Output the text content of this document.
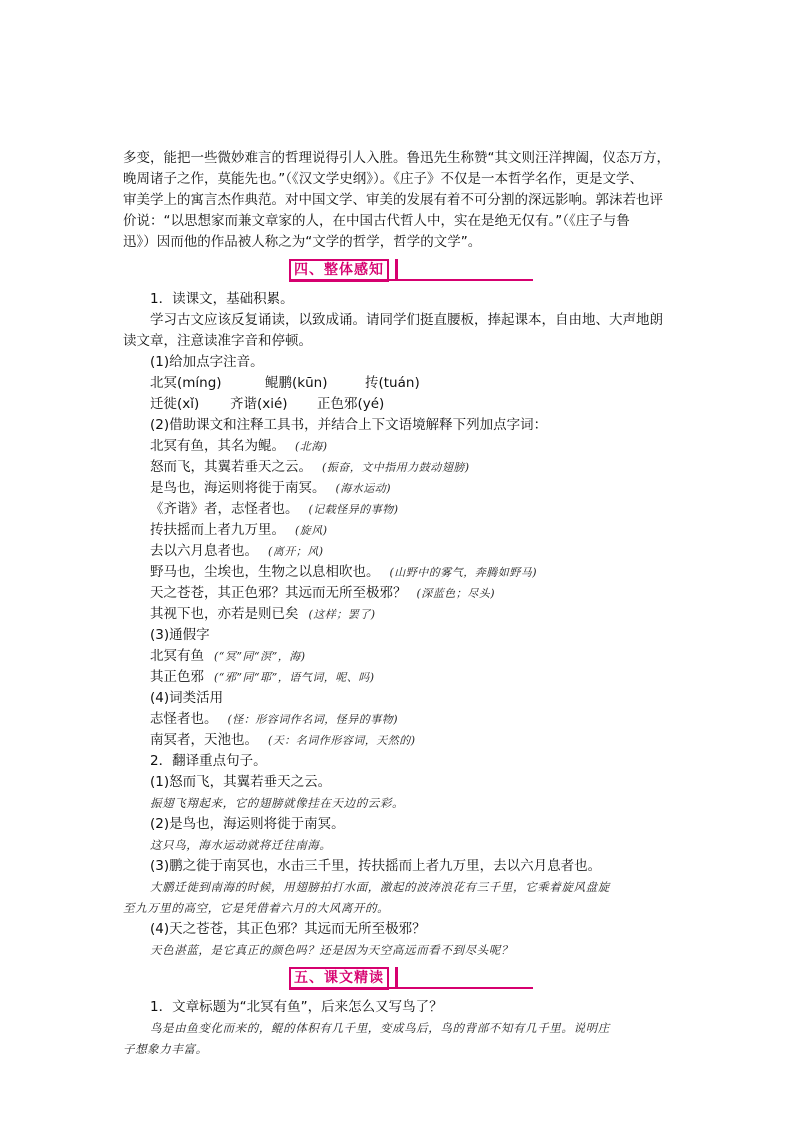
多变，能把一些微妙难言的哲理说得引人入胜。鲁迅先生称赞“其文则汪洋捭阖，仪态万方，

晚周诸子之作，莫能先也。”（《汉文学史纲》）。《庄子》不仅是一本哲学名作，更是文学、

审美学上的寓言杰作典范。对中国文学、审美的发展有着不可分割的深远影响。郭沫若也评

价说：“以思想家而兼文章家的人，在中国古代哲人中，实在是绝无仅有。”（《庄子与鲁

迅》）因而他的作品被人称之为“文学的哲学，哲学的文学”。

四、整体感知

1．读课文，基础积累。

学习古文应该反复诵读，以致成诵。请同学们挺直腰板，捧起课本，自由地、大声地朗

读文章，注意读准字音和停顿。

(1)给加点字注音。

北冥(míng)	鲲鹏(kūn)	抟(tuán)

迁徙(xǐ) 齐谐(xié) 正色邪(yé)

(2)借助课文和注释工具书，并结合上下文语境解释下列加点字词：

北冥有鱼，其名为鲲。 (北海)

怒而飞，其翼若垂天之云。 (振奋，文中指用力鼓动翅膀)

是鸟也，海运则将徙于南冥。 (海水运动)

《齐谐》者，志怪者也。 (记载怪异的事物)

抟扶摇而上者九万里。 (旋风)

去以六月息者也。 (离开；风)

野马也，尘埃也，生物之以息相吹也。 (山野中的雾气，奔腾如野马)

天之苍苍，其正色邪？其远而无所至极邪？ (深蓝色；尽头)

其视下也，亦若是则已矣 (这样；罢了)

(3)通假字

北冥有鱼 (“冥”同“溟”，海)

其正色邪 (“邪”同“耶”，语气词，呢、吗)

(4)词类活用

志怪者也。 (怪：形容词作名词，怪异的事物)

南冥者，天池也。 (天：名词作形容词，天然的)

2．翻译重点句子。

(1)怒而飞，其翼若垂天之云。

振翅飞翔起来，它的翅膀就像挂在天边的云彩。

(2)是鸟也，海运则将徙于南冥。

这只鸟，海水运动就将迁往南海。

(3)鹏之徙于南冥也，水击三千里，抟扶摇而上者九万里，去以六月息者也。

大鹏迁徙到南海的时候，用翅膀拍打水面，激起的波涛浪花有三千里，它乘着旋风盘旋

至九万里的高空，它是凭借着六月的大风离开的。

(4)天之苍苍，其正色邪？其远而无所至极邪？

天色湛蓝，是它真正的颜色吗？还是因为天空高远而看不到尽头呢？

五、课文精读

1．文章标题为“北冥有鱼”，后来怎么又写鸟了？

鸟是由鱼变化而来的，鲲的体积有几千里，变成鸟后，鸟的背部不知有几千里。说明庄

子想象力丰富。
